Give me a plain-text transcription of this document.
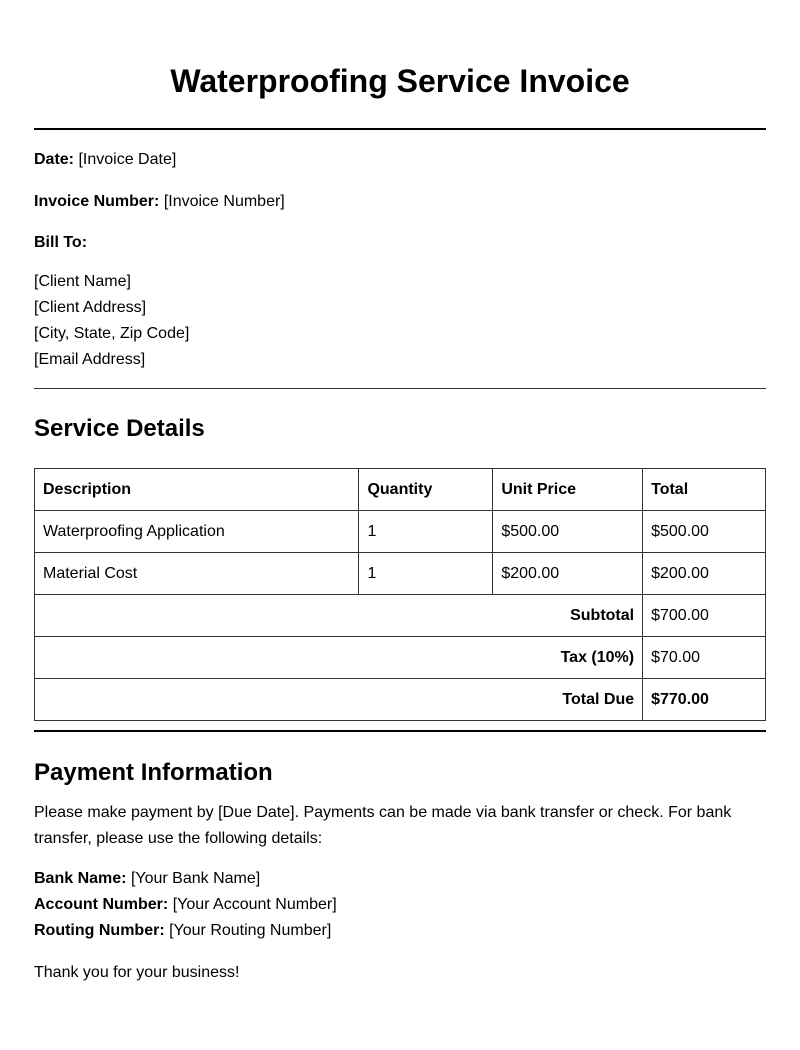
Waterproofing Service Invoice
Date: [Invoice Date]
Invoice Number: [Invoice Number]
Bill To:
[Client Name]
[Client Address]
[City, State, Zip Code]
[Email Address]
Service Details
Description	Quantity	Unit Price	Total
Waterproofing Application	1	$500.00	$500.00
Material Cost	1	$200.00	$200.00
Subtotal			$700.00
Tax (10%)			$70.00
Total Due			$770.00
Payment Information
Please make payment by [Due Date]. Payments can be made via bank transfer or check. For bank transfer, please use the following details:
Bank Name: [Your Bank Name]
Account Number: [Your Account Number]
Routing Number: [Your Routing Number]
Thank you for your business!
